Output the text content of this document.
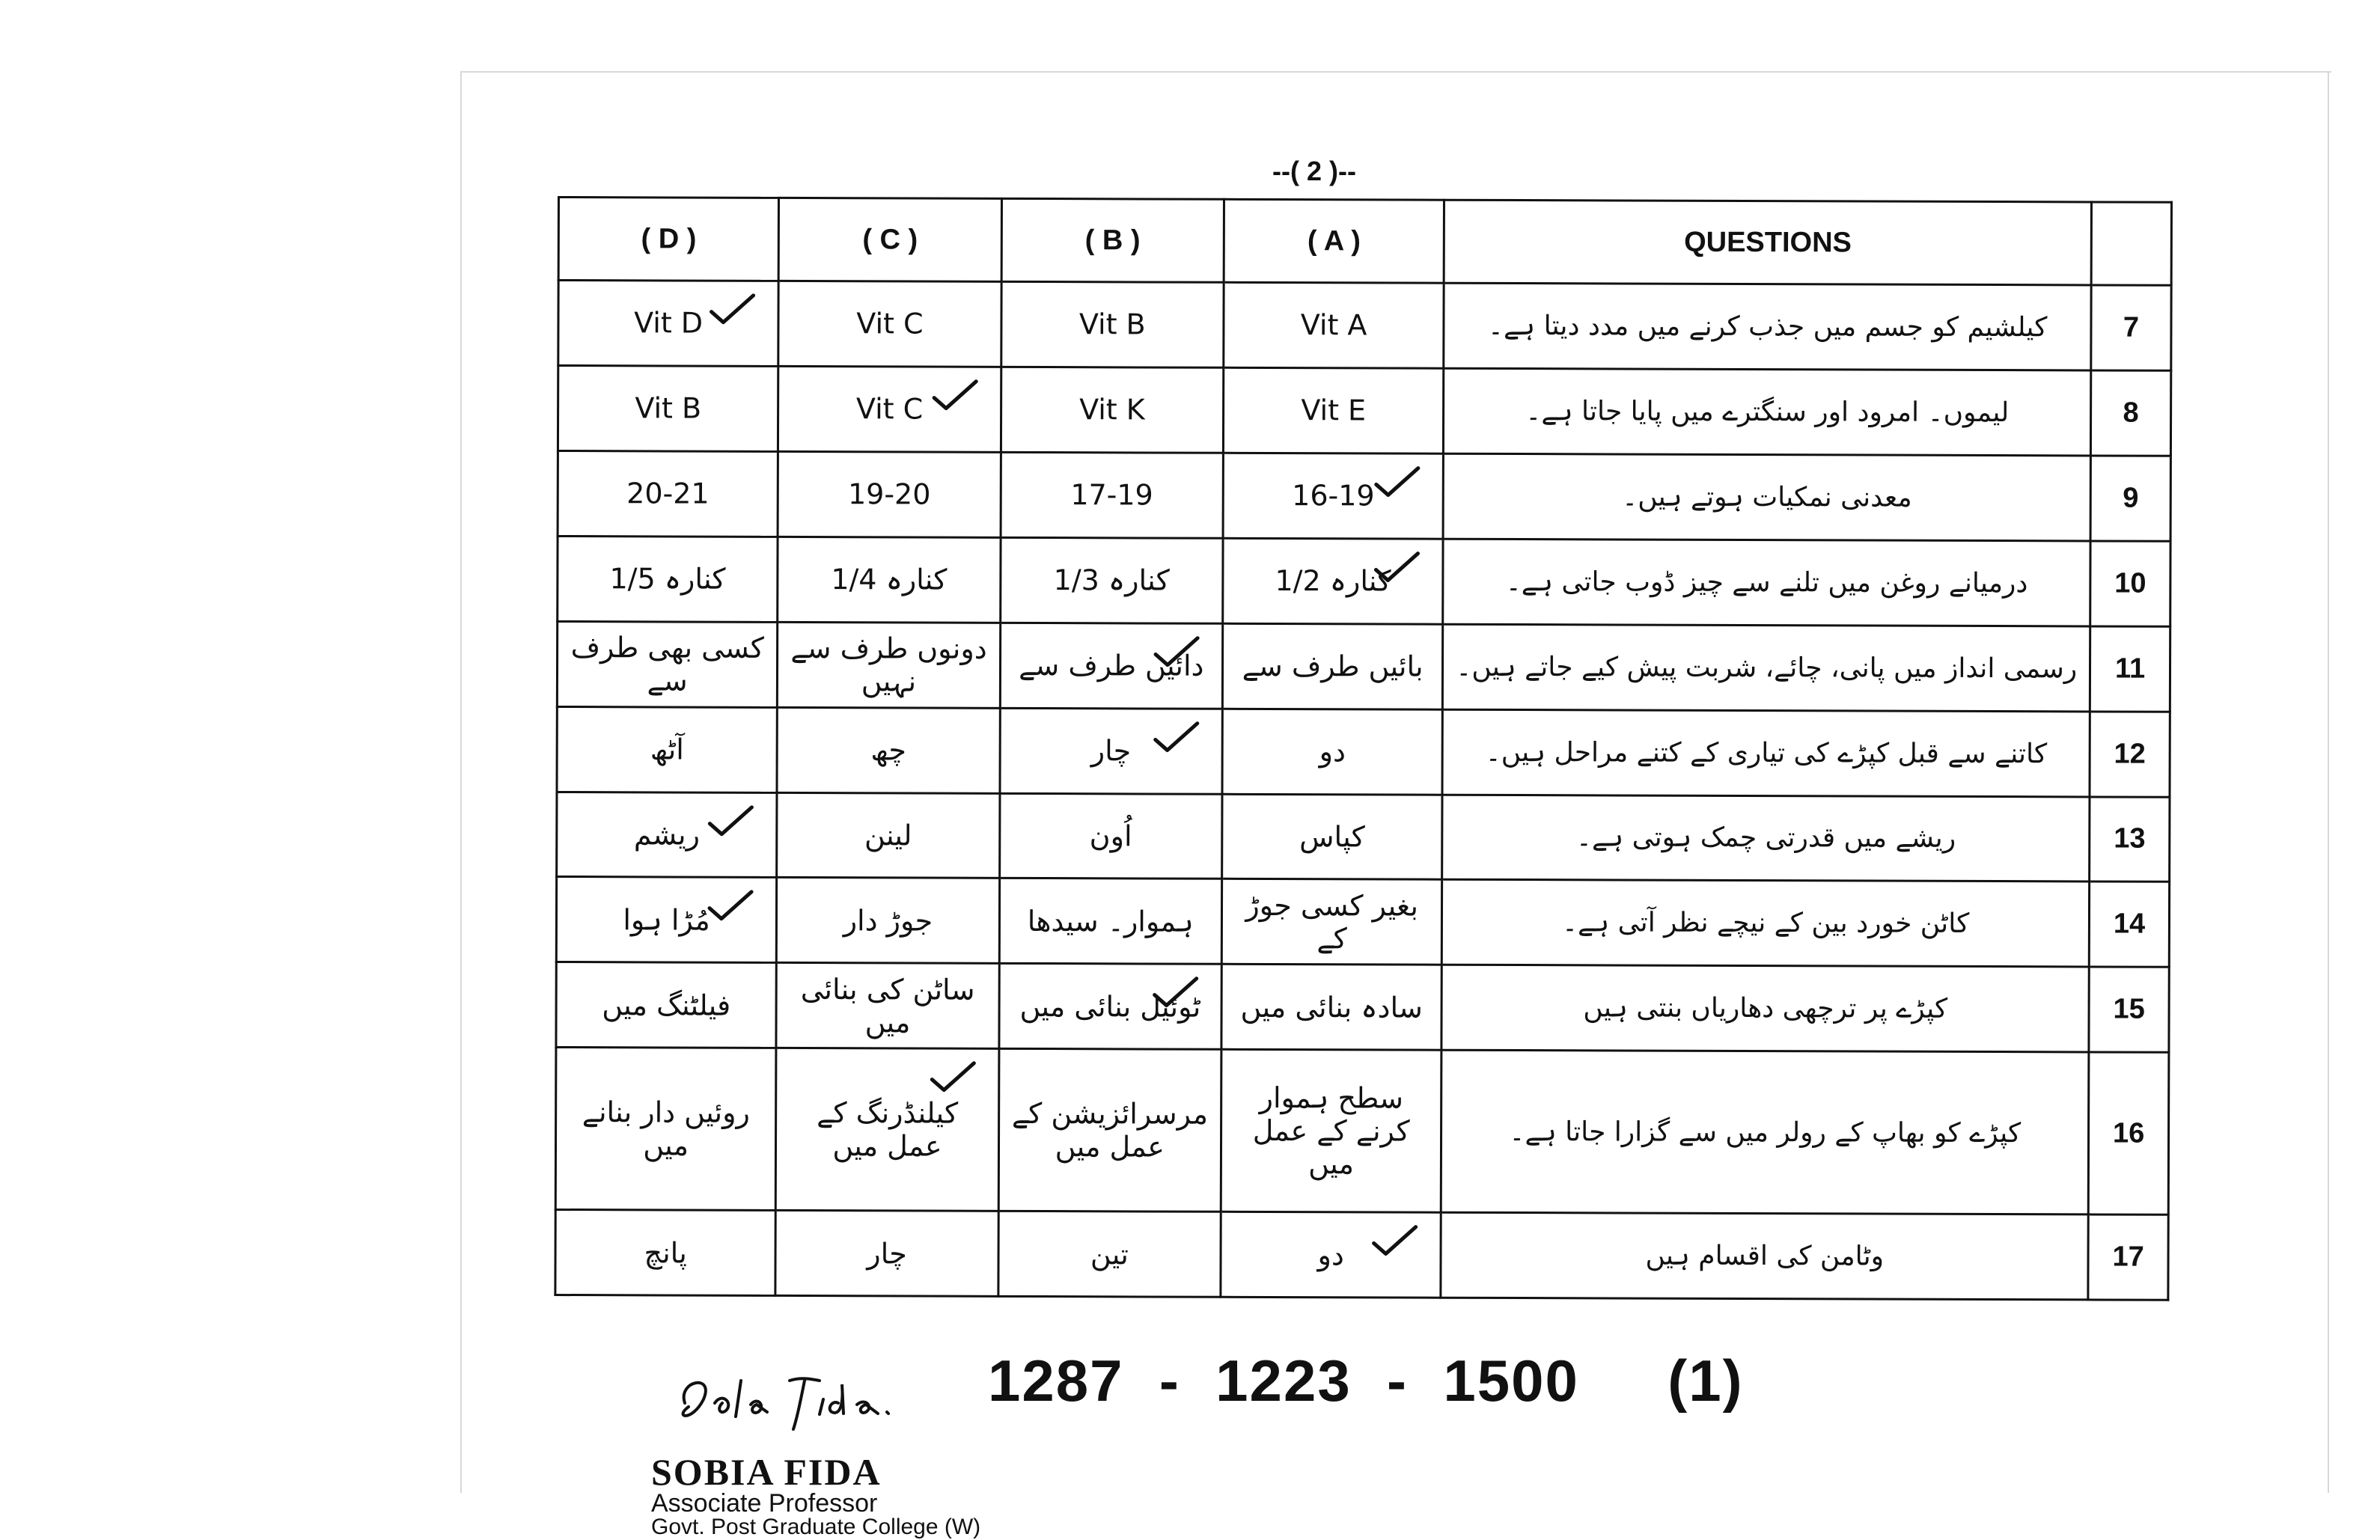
--( 2 )--
( D )	( C )	( B )	( A )	QUESTIONS	
Vit D	Vit C	Vit B	Vit A	کیلشیم کو جسم میں جذب کرنے میں مدد دیتا ہے۔	7
Vit B	Vit C	Vit K	Vit E	لیموں۔ امرود اور سنگترے میں پایا جاتا ہے۔	8
20-21	19-20	17-19	16-19	معدنی نمکیات ہوتے ہیں۔	9
1/5 کنارہ	1/4 کنارہ	1/3 کنارہ	1/2 کنارہ	درمیانے روغن میں تلنے سے چیز ڈوب جاتی ہے۔	10
کسی بھی طرف سے	دونوں طرف سے نہیں	دائیں طرف سے	بائیں طرف سے	رسمی انداز میں پانی، چائے، شربت پیش کیے جاتے ہیں۔	11
آٹھ	چھ	چار	دو	کاتنے سے قبل کپڑے کی تیاری کے کتنے مراحل ہیں۔	12
ریشم	لینن	اُون	کپاس	ریشے میں قدرتی چمک ہوتی ہے۔	13
مُڑا ہوا	جوڑ دار	ہموار۔ سیدھا	بغیر کسی جوڑ کے	کاٹن خورد بین کے نیچے نظر آتی ہے۔	14
فیلٹنگ میں	ساٹن کی بنائی میں	ٹوئیل بنائی میں	سادہ بنائی میں	کپڑے پر ترچھی دھاریاں بنتی ہیں	15
روئیں دار بنانے میں	کیلنڈرنگ کے عمل میں	مرسرائزیشن کے عمل میں	سطح ہموار کرنے کے عمل میں	کپڑے کو بھاپ کے رولر میں سے گزارا جاتا ہے۔	16
پانچ	چار	تین	دو	وٹامن کی اقسام ہیں	17
1287  -  1223  -  1500     (1)
SOBIA FIDA
Associate Professor
Govt. Post Graduate College (W)
